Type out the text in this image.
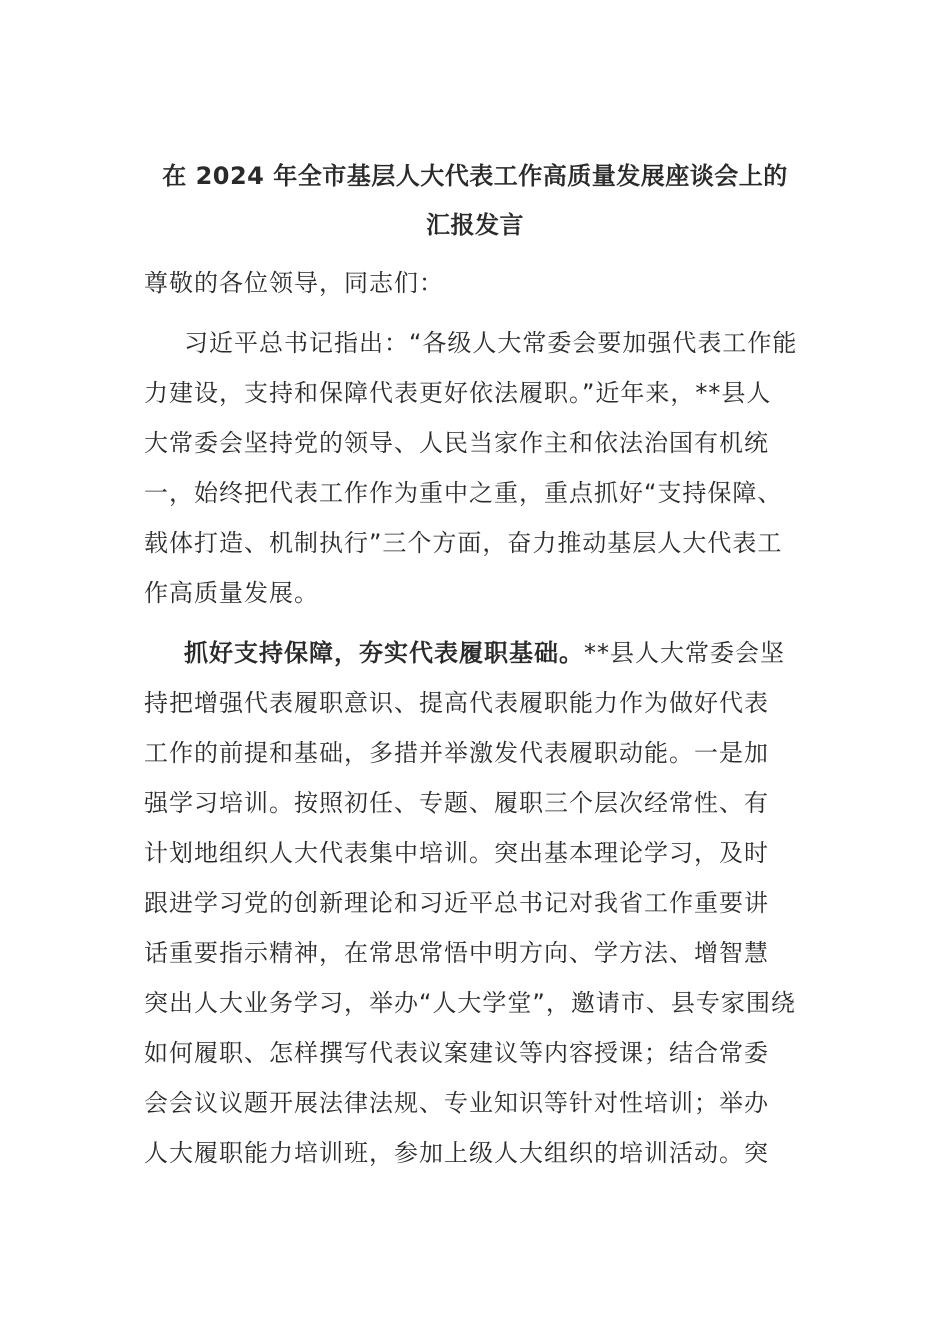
在 2024 年全市基层人大代表工作高质量发展座谈会上的
汇报发言

尊敬的各位领导，同志们：

习近平总书记指出：“各级人大常委会要加强代表工作能
力建设，支持和保障代表更好依法履职。”近年来，**县人
大常委会坚持党的领导、人民当家作主和依法治国有机统
一，始终把代表工作作为重中之重，重点抓好“支持保障、
载体打造、机制执行”三个方面，奋力推动基层人大代表工
作高质量发展。

抓好支持保障，夯实代表履职基础。**县人大常委会坚
持把增强代表履职意识、提高代表履职能力作为做好代表
工作的前提和基础，多措并举激发代表履职动能。一是加
强学习培训。按照初任、专题、履职三个层次经常性、有
计划地组织人大代表集中培训。突出基本理论学习，及时
跟进学习党的创新理论和习近平总书记对我省工作重要讲
话重要指示精神，在常思常悟中明方向、学方法、增智慧
突出人大业务学习，举办“人大学堂”，邀请市、县专家围绕
如何履职、怎样撰写代表议案建议等内容授课；结合常委
会会议议题开展法律法规、专业知识等针对性培训；举办
人大履职能力培训班，参加上级人大组织的培训活动。突
